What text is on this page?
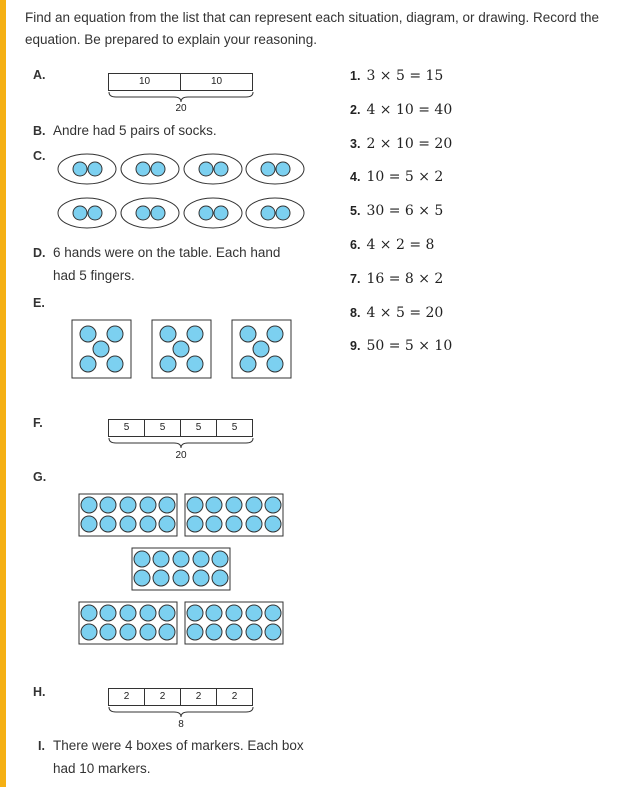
Find an equation from the list that can represent each situation, diagram, or drawing. Record the equation. Be prepared to explain your reasoning.
A.	10	10
20
B. Andre had 5 pairs of socks.
C.
D. 6 hands were on the table. Each hand
had 5 fingers.
E.
F.	5	5	5	5
20
G.
H.	2	2	2	2
8
I. There were 4 boxes of markers. Each box
had 10 markers.
1. 3 × 5 = 15
2. 4 × 10 = 40
3. 2 × 10 = 20
4. 10 = 5 × 2
5. 30 = 6 × 5
6. 4 × 2 = 8
7. 16 = 8 × 2
8. 4 × 5 = 20
9. 50 = 5 × 10
